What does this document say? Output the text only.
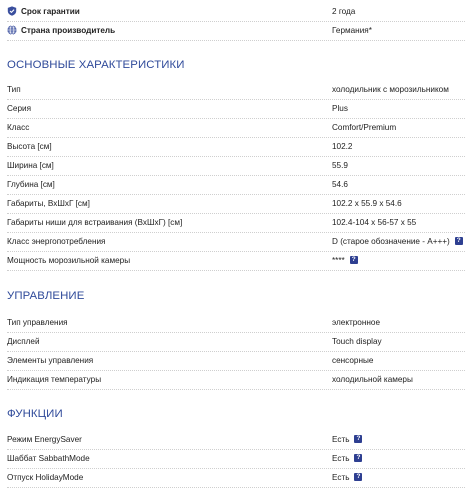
Срок гарантии	2 года
Страна производитель	Германия*
ОСНОВНЫЕ ХАРАКТЕРИСТИКИ
Тип	холодильник с морозильником
Серия	Plus
Класс	Comfort/Premium
Высота [см]	102.2
Ширина [см]	55.9
Глубина [см]	54.6
Габариты, ВхШхГ [см]	102.2 x 55.9 x 54.6
Габариты ниши для встраивания (ВхШхГ) [см]	102.4-104 x 56-57 x 55
Класс энергопотребления	D (старое обозначение - A+++) ?
Мощность морозильной камеры	**** ?
УПРАВЛЕНИЕ
Тип управления	электронное
Дисплей	Touch display
Элементы управления	сенсорные
Индикация температуры	холодильной камеры
ФУНКЦИИ
Режим EnergySaver	Есть ?
Шаббат SabbathMode	Есть ?
Отпуск HolidayMode	Есть ?
